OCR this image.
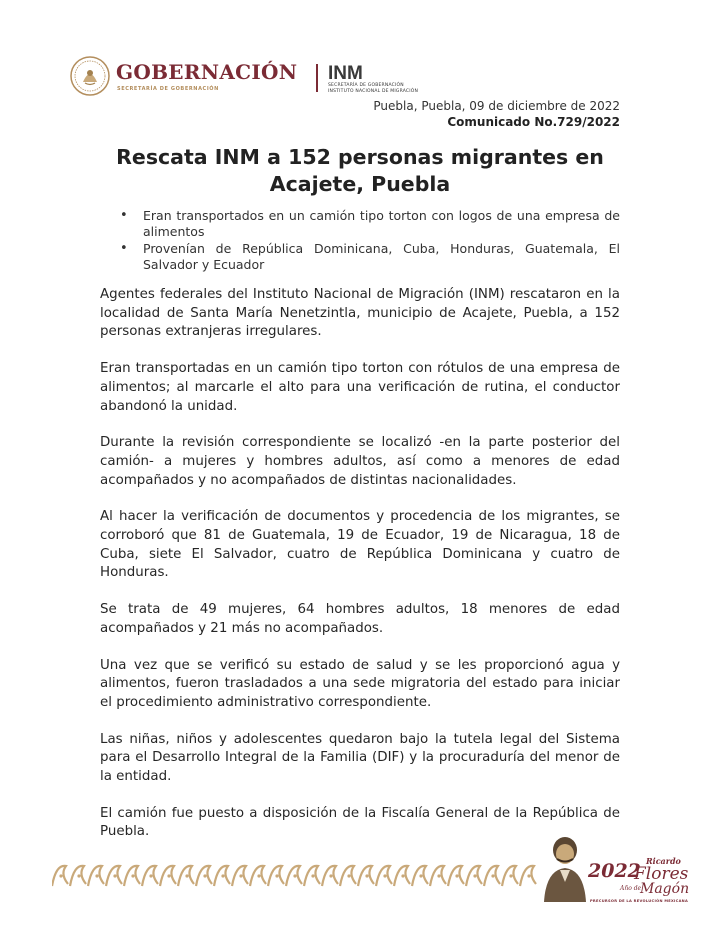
GOBERNACIÓN
SECRETARÍA DE GOBERNACIÓN
INM
SECRETARÍA DE GOBERNACIÓN
INSTITUTO NACIONAL DE MIGRACIÓN
Puebla, Puebla, 09 de diciembre de 2022
Comunicado No.729/2022
Rescata INM a 152 personas migrantes en Acajete, Puebla
• Eran transportados en un camión tipo torton con logos de una empresa de alimentos
• Provenían de República Dominicana, Cuba, Honduras, Guatemala, El Salvador y Ecuador

Agentes federales del Instituto Nacional de Migración (INM) rescataron en la localidad de Santa María Nenetzintla, municipio de Acajete, Puebla, a 152 personas extranjeras irregulares.

Eran transportadas en un camión tipo torton con rótulos de una empresa de alimentos; al marcarle el alto para una verificación de rutina, el conductor abandonó la unidad.

Durante la revisión correspondiente se localizó -en la parte posterior del camión- a mujeres y hombres adultos, así como a menores de edad acompañados y no acompañados de distintas nacionalidades.

Al hacer la verificación de documentos y procedencia de los migrantes, se corroboró que 81 de Guatemala, 19 de Ecuador, 19 de Nicaragua, 18 de Cuba, siete El Salvador, cuatro de República Dominicana y cuatro de Honduras.

Se trata de 49 mujeres, 64 hombres adultos, 18 menores de edad acompañados y 21 más no acompañados.

Una vez que se verificó su estado de salud y se les proporcionó agua y alimentos, fueron trasladados a una sede migratoria del estado para iniciar el procedimiento administrativo correspondiente.

Las niñas, niños y adolescentes quedaron bajo la tutela legal del Sistema para el Desarrollo Integral de la Familia (DIF) y la procuraduría del menor de la entidad.

El camión fue puesto a disposición de la Fiscalía General de la República de Puebla.

2022 Ricardo
Flores
Año de
Magón
PRECURSOR DE LA REVOLUCIÓN MEXICANA
